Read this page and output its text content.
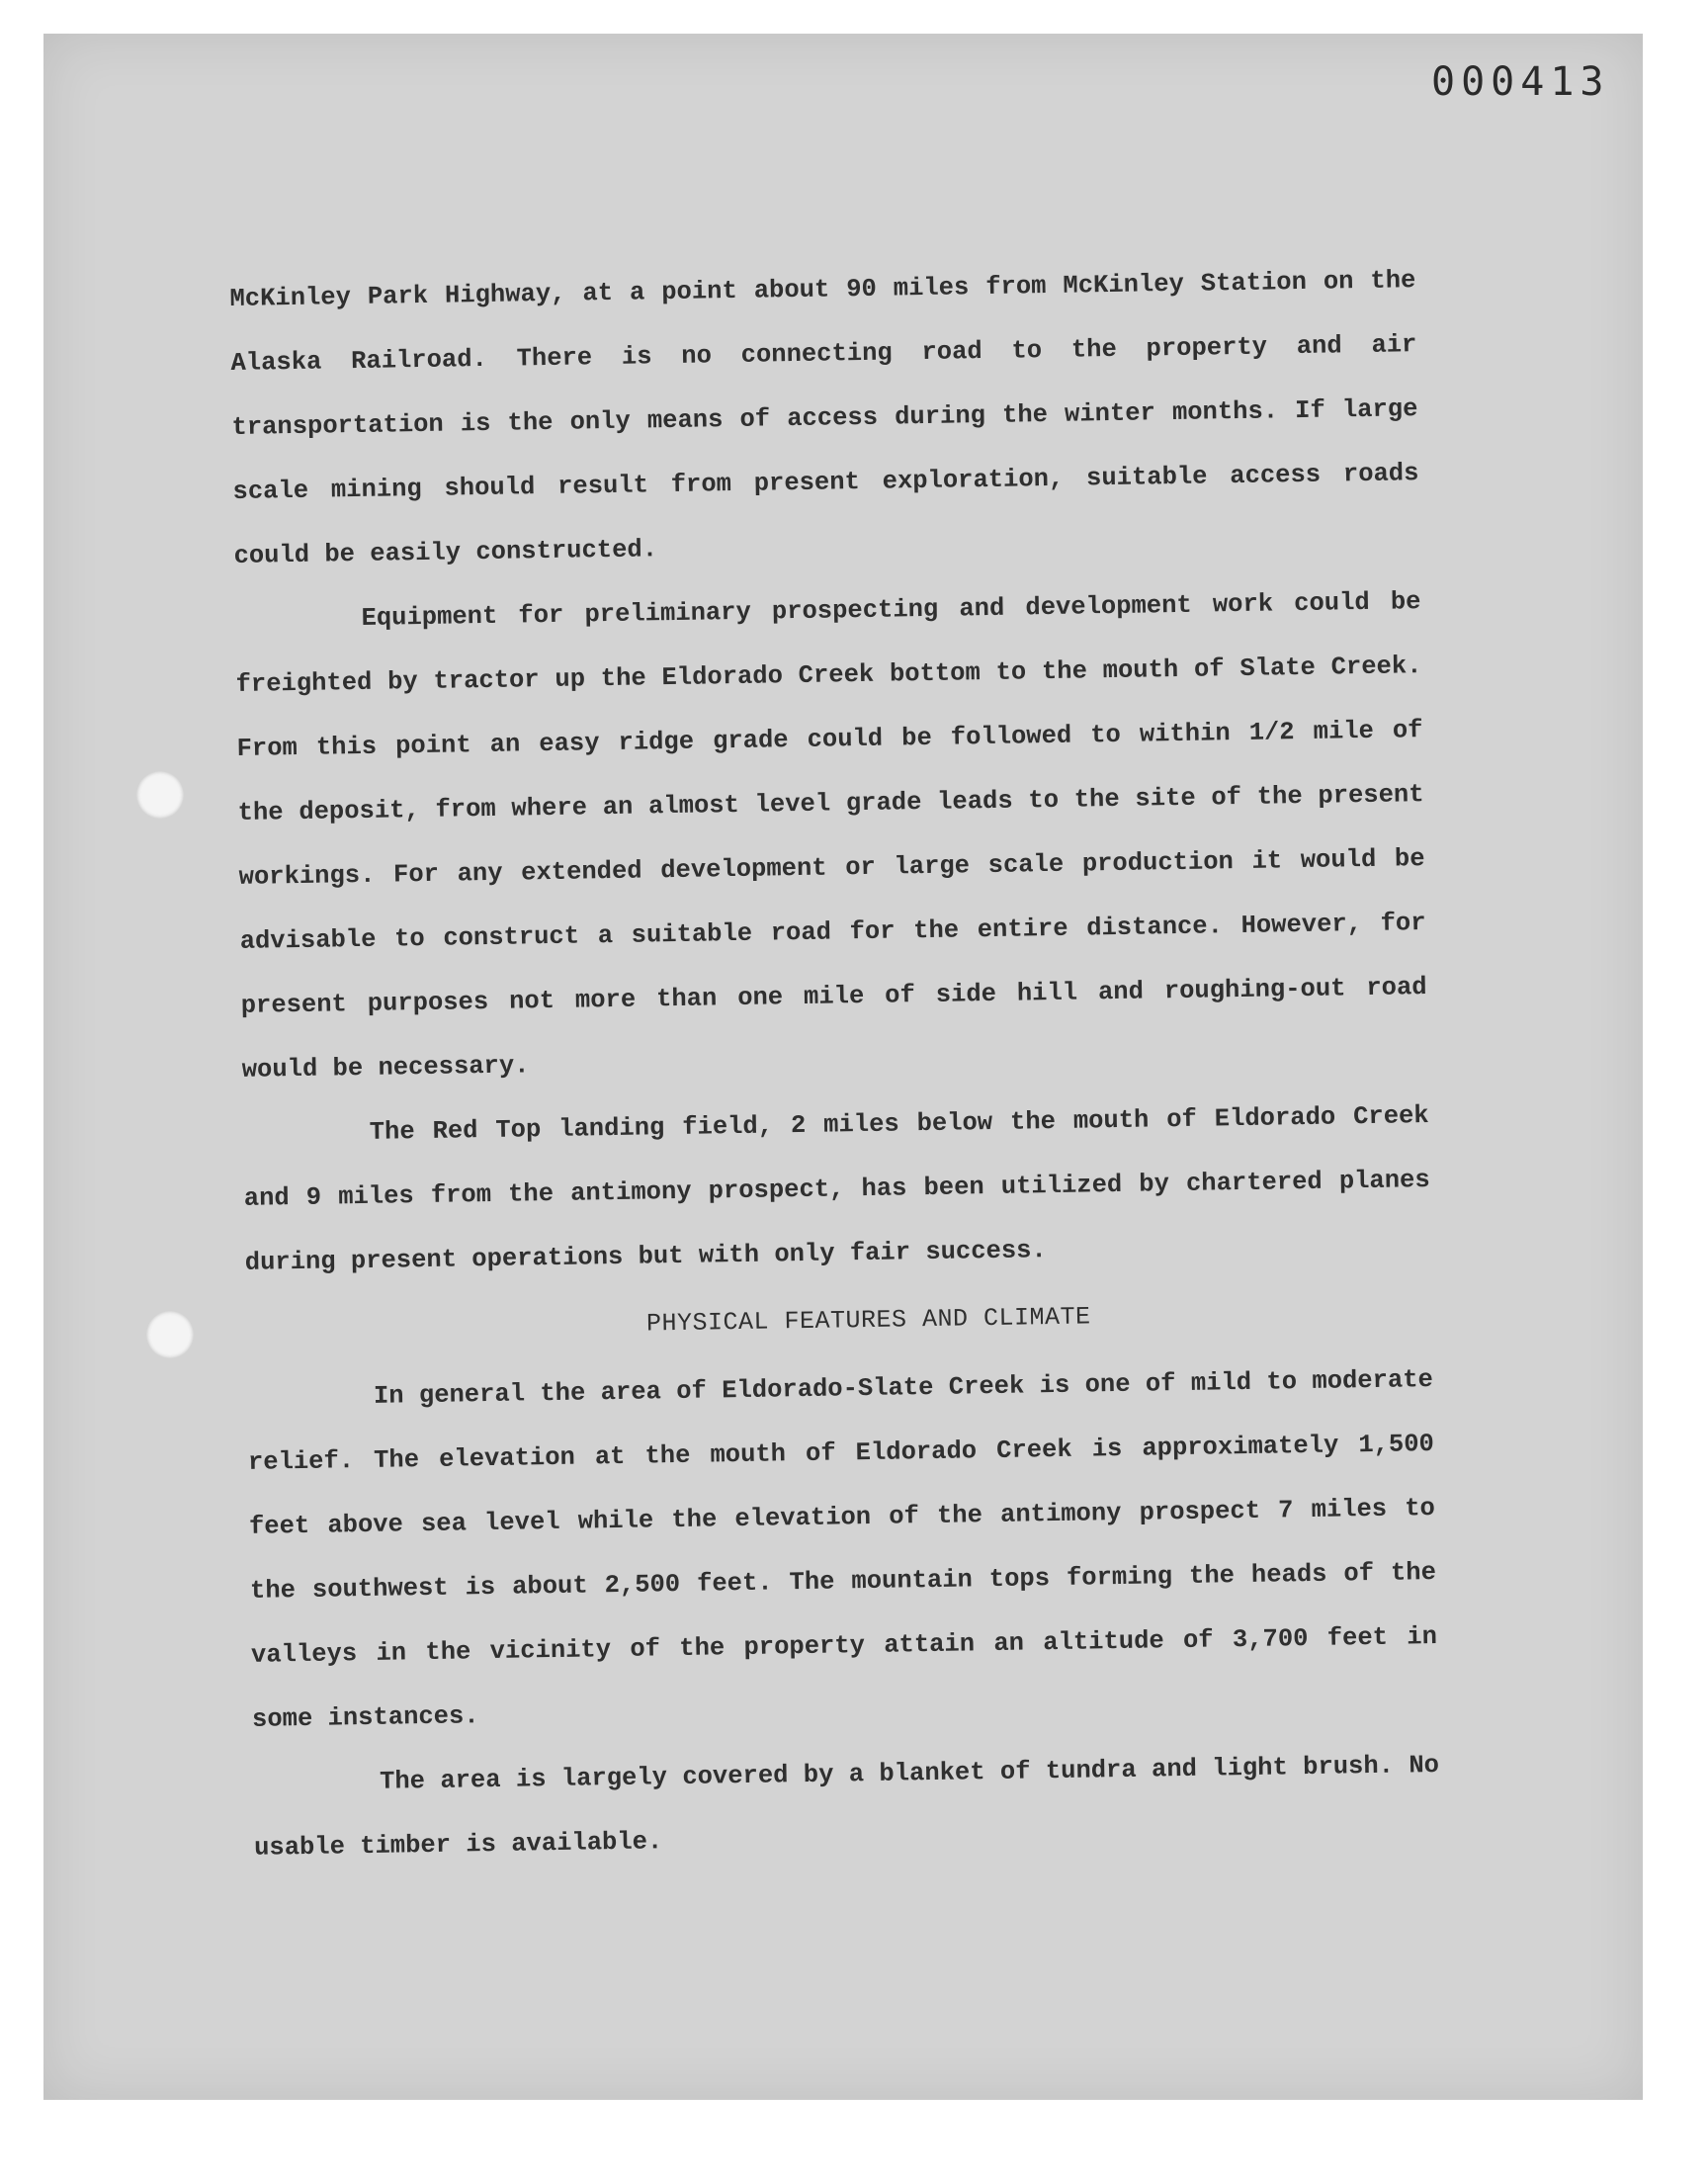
000413

McKinley Park Highway, at a point about 90 miles from McKinley Station on the Alaska Railroad. There is no connecting road to the property and air transportation is the only means of access during the winter months. If large scale mining should result from present exploration, suitable access roads could be easily constructed.

Equipment for preliminary prospecting and development work could be freighted by tractor up the Eldorado Creek bottom to the mouth of Slate Creek. From this point an easy ridge grade could be followed to within 1/2 mile of the deposit, from where an almost level grade leads to the site of the present workings. For any extended development or large scale production it would be advisable to construct a suitable road for the entire distance. However, for present purposes not more than one mile of side hill and roughing-out road would be necessary.

The Red Top landing field, 2 miles below the mouth of Eldorado Creek and 9 miles from the antimony prospect, has been utilized by chartered planes during present operations but with only fair success.

PHYSICAL FEATURES AND CLIMATE

In general the area of Eldorado-Slate Creek is one of mild to moderate relief. The elevation at the mouth of Eldorado Creek is approximately 1,500 feet above sea level while the elevation of the antimony prospect 7 miles to the southwest is about 2,500 feet. The mountain tops forming the heads of the valleys in the vicinity of the property attain an altitude of 3,700 feet in some instances.

The area is largely covered by a blanket of tundra and light brush. No usable timber is available.
